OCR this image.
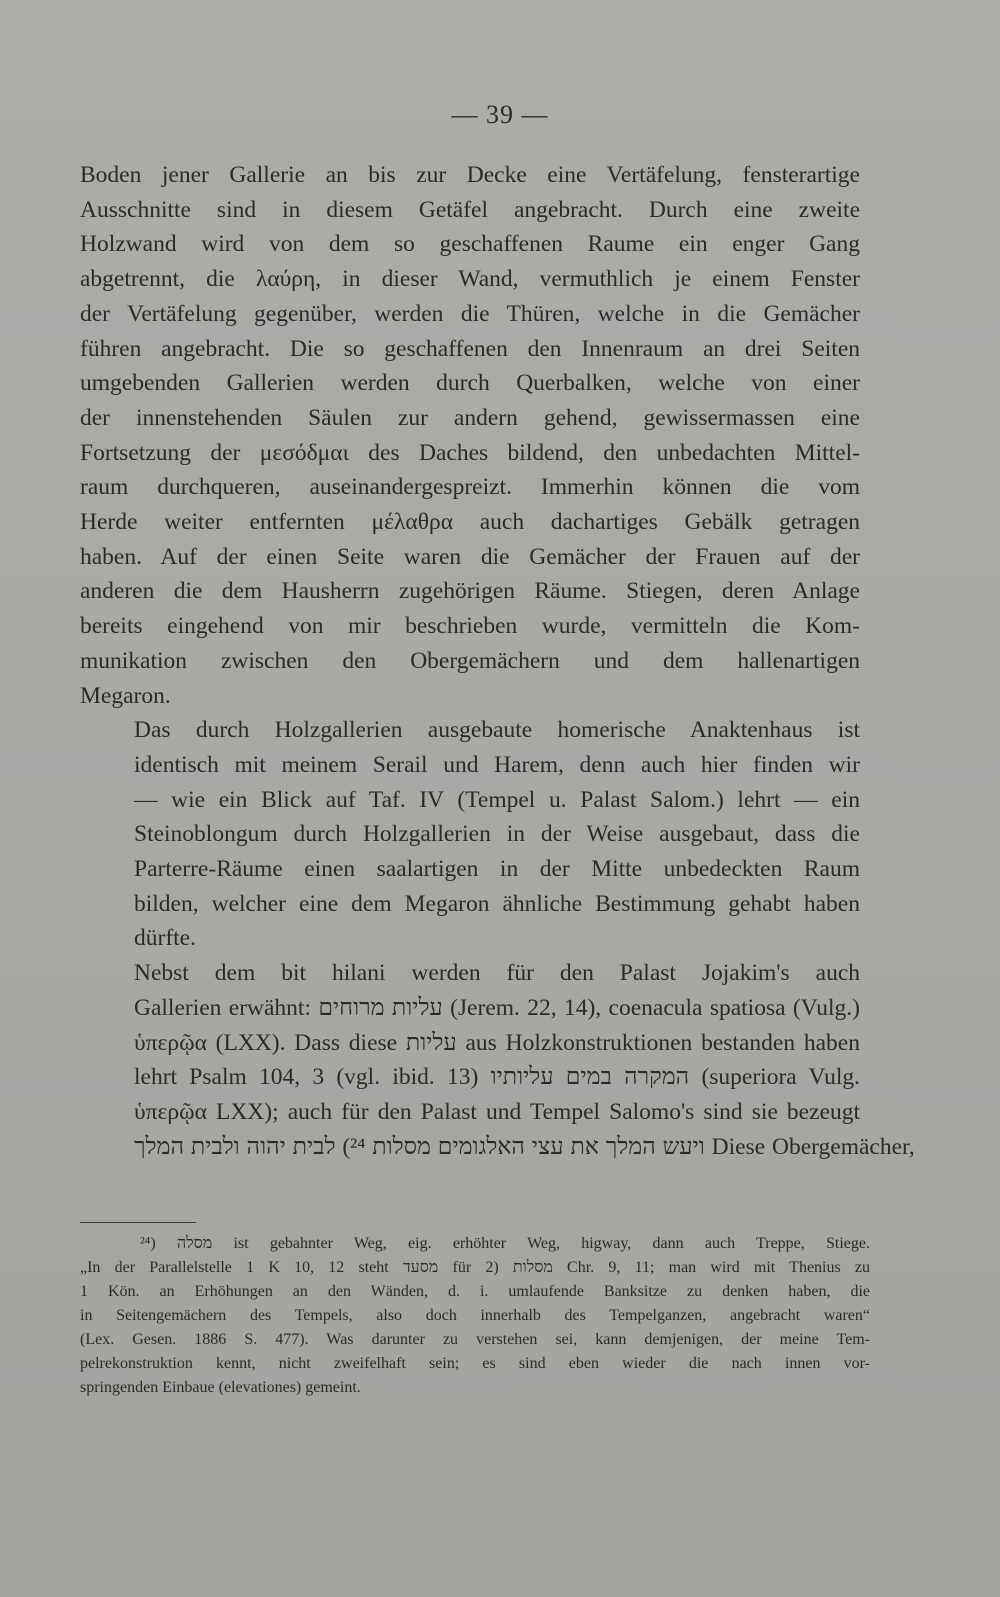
— 39 —

Boden jener Gallerie an bis zur Decke eine Vertäfelung, fensterartige
Ausschnitte sind in diesem Getäfel angebracht. Durch eine zweite
Holzwand wird von dem so geschaffenen Raume ein enger Gang
abgetrennt, die λαύρη, in dieser Wand, vermuthlich je einem Fenster
der Vertäfelung gegenüber, werden die Thüren, welche in die Gemächer
führen angebracht. Die so geschaffenen den Innenraum an drei Seiten
umgebenden Gallerien werden durch Querbalken, welche von einer
der innenstehenden Säulen zur andern gehend, gewissermassen eine
Fortsetzung der μεσόδμαι des Daches bildend, den unbedachten Mittel-
raum durchqueren, auseinandergespreizt. Immerhin können die vom
Herde weiter entfernten μέλαθρα auch dachartiges Gebälk getragen
haben. Auf der einen Seite waren die Gemächer der Frauen auf der
anderen die dem Hausherrn zugehörigen Räume. Stiegen, deren Anlage
bereits eingehend von mir beschrieben wurde, vermitteln die Kom-
munikation zwischen den Obergemächern und dem hallenartigen
Megaron.

Das durch Holzgallerien ausgebaute homerische Anaktenhaus ist
identisch mit meinem Serail und Harem, denn auch hier finden wir
— wie ein Blick auf Taf. IV (Tempel u. Palast Salom.) lehrt — ein
Steinoblongum durch Holzgallerien in der Weise ausgebaut, dass die
Parterre-Räume einen saalartigen in der Mitte unbedeckten Raum
bilden, welcher eine dem Megaron ähnliche Bestimmung gehabt haben
dürfte.

Nebst dem bit hilani werden für den Palast Jojakim's auch
Gallerien erwähnt: עליות מרוחים (Jerem. 22, 14), coenacula spatiosa (Vulg.)
ὑπερῷα (LXX). Dass diese עליות aus Holzkonstruktionen bestanden haben
lehrt Psalm 104, 3 (vgl. ibid. 13) המקרה במים עליותיו (superiora Vulg.
ὑπερῷα LXX); auch für den Palast und Tempel Salomo's sind sie bezeugt
ויעש המלך את עצי האלגומים מסלות ²⁴) לבית יהוה ולבית המלך Diese Obergemächer,

²⁴) מסלה ist gebahnter Weg, eig. erhöhter Weg, higway, dann auch Treppe, Stiege.
„In der Parallelstelle 1 K 10, 12 steht מסעד für מסלות (2 Chr. 9, 11; man wird mit Thenius zu
1 Kön. an Erhöhungen an den Wänden, d. i. umlaufende Banksitze zu denken haben, die
in Seitengemächern des Tempels, also doch innerhalb des Tempelganzen, angebracht waren“
(Lex. Gesen. 1886 S. 477). Was darunter zu verstehen sei, kann demjenigen, der meine Tem-
pelrekonstruktion kennt, nicht zweifelhaft sein; es sind eben wieder die nach innen vor-
springenden Einbaue (elevationes) gemeint.
